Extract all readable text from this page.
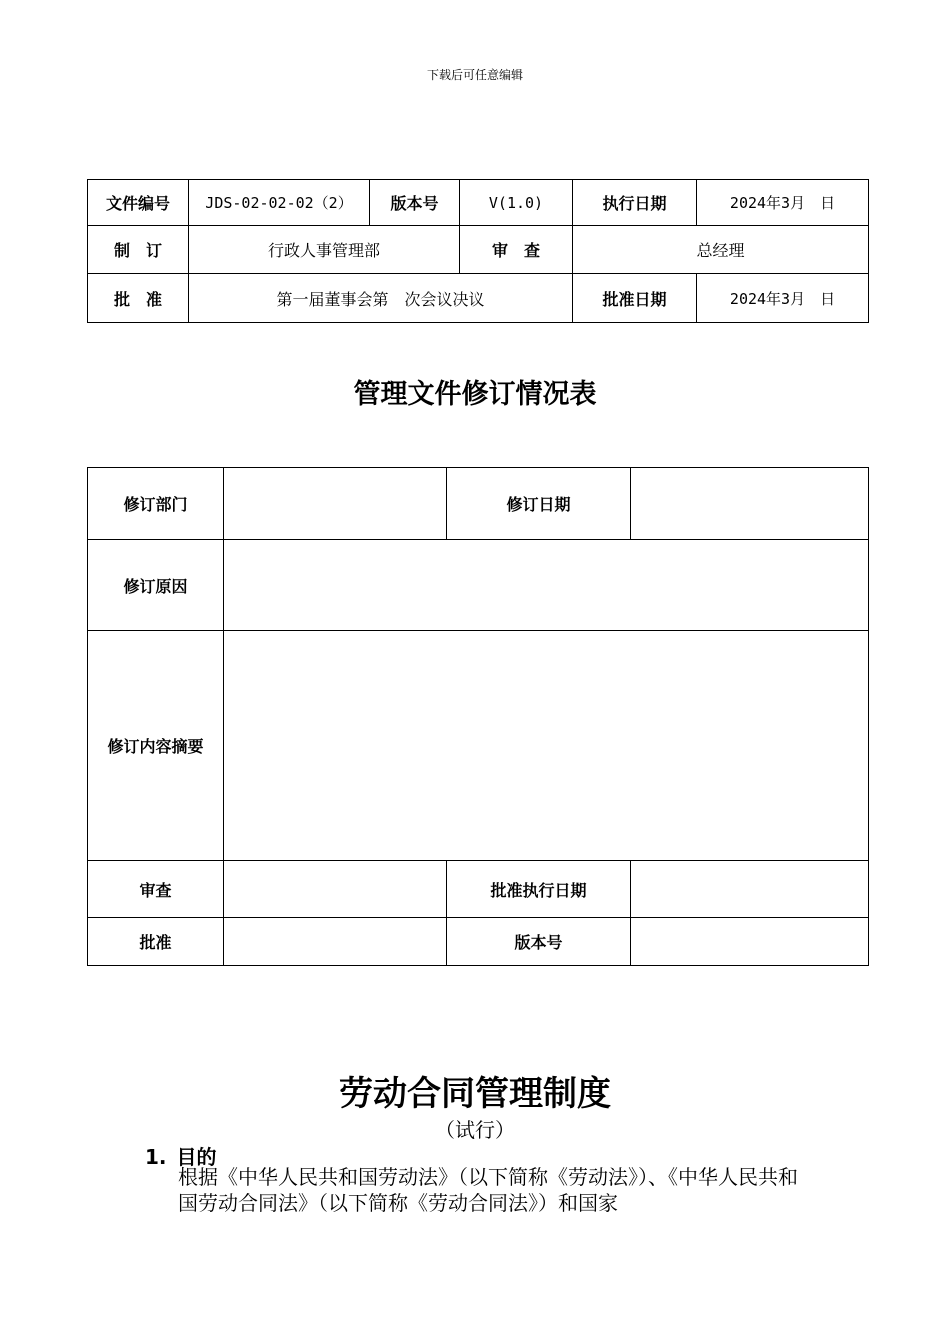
下载后可任意编辑
文件编号	JDS-02-02-02（2）	版本号	V(1.0)	执行日期	2024年3月　日
制　订	行政人事管理部		审　查	总经理	
批　准	第一届董事会第　次会议决议			批准日期	2024年3月　日
管理文件修订情况表
修订部门		修订日期	
修订原因			
修订内容摘要			
审查		批准执行日期	
批准		版本号	
劳动合同管理制度
（试行）
1. 目的
根据《中华人民共和国劳动法》（以下简称《劳动法》）、《中华人民共和国劳动合同法》（以下简称《劳动合同法》）和国家
